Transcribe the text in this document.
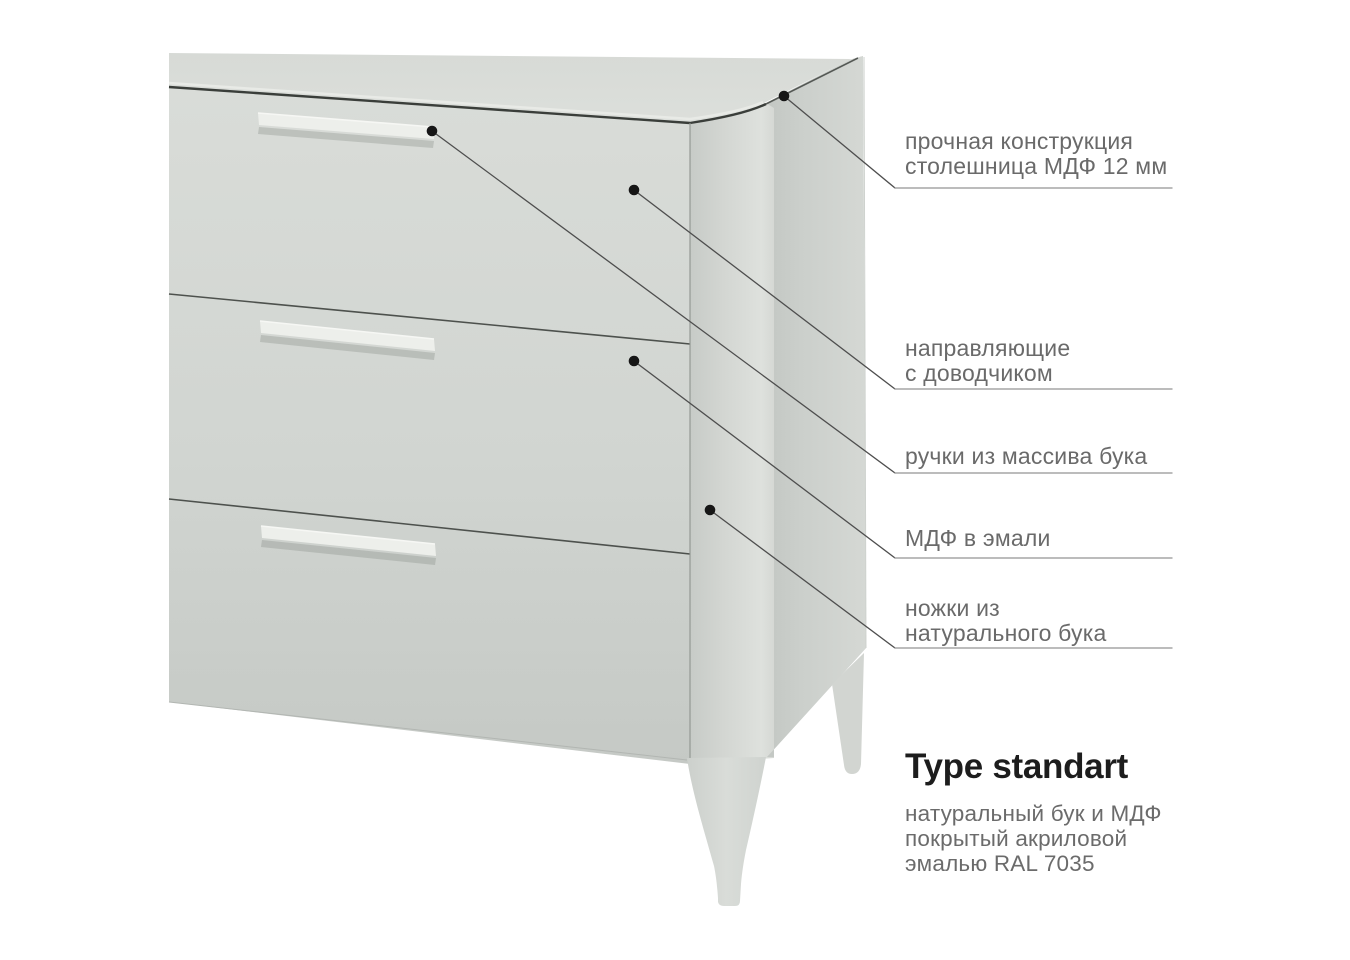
прочная конструкция
столешница МДФ 12 мм
направляющие
с доводчиком
ручки из массива бука
МДФ в эмали
ножки из
натурального бука
Type standart
натуральный бук и МДФ
покрытый акриловой
эмалью RAL 7035
